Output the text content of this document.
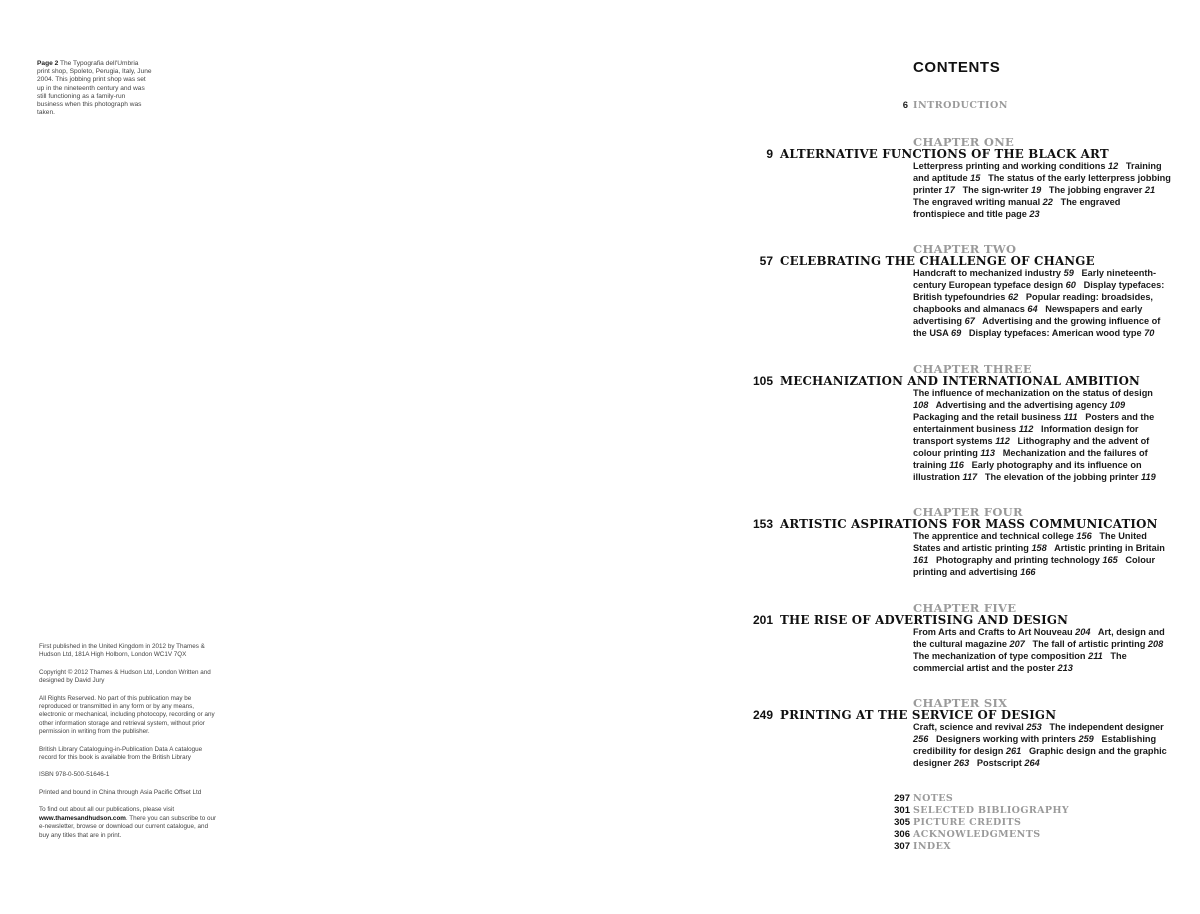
Page 2 The Typografia dell'Umbria print shop, Spoleto, Perugia, Italy, June 2004. This jobbing print shop was set up in the nineteenth century and was still functioning as a family-run business when this photograph was taken.

First published in the United Kingdom in 2012 by Thames & Hudson Ltd, 181A High Holborn, London WC1V 7QX

Copyright © 2012 Thames & Hudson Ltd, London Written and designed by David Jury

All Rights Reserved. No part of this publication may be reproduced or transmitted in any form or by any means, electronic or mechanical, including photocopy, recording or any other information storage and retrieval system, without prior permission in writing from the publisher.

British Library Cataloguing-in-Publication Data A catalogue record for this book is available from the British Library

ISBN 978-0-500-51646-1

Printed and bound in China through Asia Pacific Offset Ltd

To find out about all our publications, please visit www.thamesandhudson.com. There you can subscribe to our e-newsletter, browse or download our current catalogue, and buy any titles that are in print.

CONTENTS
6 INTRODUCTION
CHAPTER ONE
9 ALTERNATIVE FUNCTIONS OF THE BLACK ART
Letterpress printing and working conditions 12 Training and aptitude 15 The status of the early letterpress jobbing printer 17 The sign-writer 19 The jobbing engraver 21   The engraved writing manual 22 The engraved frontispiece and title page 23
CHAPTER TWO
57 CELEBRATING THE CHALLENGE OF CHANGE
Handcraft to mechanized industry 59 Early nineteenth-century European typeface design 60 Display typefaces: British typefoundries 62 Popular reading: broadsides, chapbooks and almanacs 64 Newspapers and early advertising 67 Advertising and the growing influence of the USA 69 Display typefaces: American wood type 70
CHAPTER THREE
105 MECHANIZATION AND INTERNATIONAL AMBITION
The influence of mechanization on the status of design 108 Advertising and the advertising agency 109   Packaging and the retail business 111 Posters and the entertainment business 112 Information design for transport systems 112 Lithography and the advent of colour printing 113 Mechanization and the failures of training 116 Early photography and its influence on illustration 117 The elevation of the jobbing printer 119
CHAPTER FOUR
153 ARTISTIC ASPIRATIONS FOR MASS COMMUNICATION
The apprentice and technical college 156 The United States and artistic printing 158 Artistic printing in Britain 161 Photography and printing technology 165 Colour printing and advertising 166
CHAPTER FIVE
201 THE RISE OF ADVERTISING AND DESIGN
From Arts and Crafts to Art Nouveau 204 Art, design and the cultural magazine 207 The fall of artistic printing 208   The mechanization of type composition 211 The commercial artist and the poster 213
CHAPTER SIX
249 PRINTING AT THE SERVICE OF DESIGN
Craft, science and revival 253 The independent designer 256 Designers working with printers 259 Establishing credibility for design 261 Graphic design and the graphic designer 263 Postscript 264
297 NOTES
301 SELECTED BIBLIOGRAPHY
305 PICTURE CREDITS
306 ACKNOWLEDGMENTS
307 INDEX
